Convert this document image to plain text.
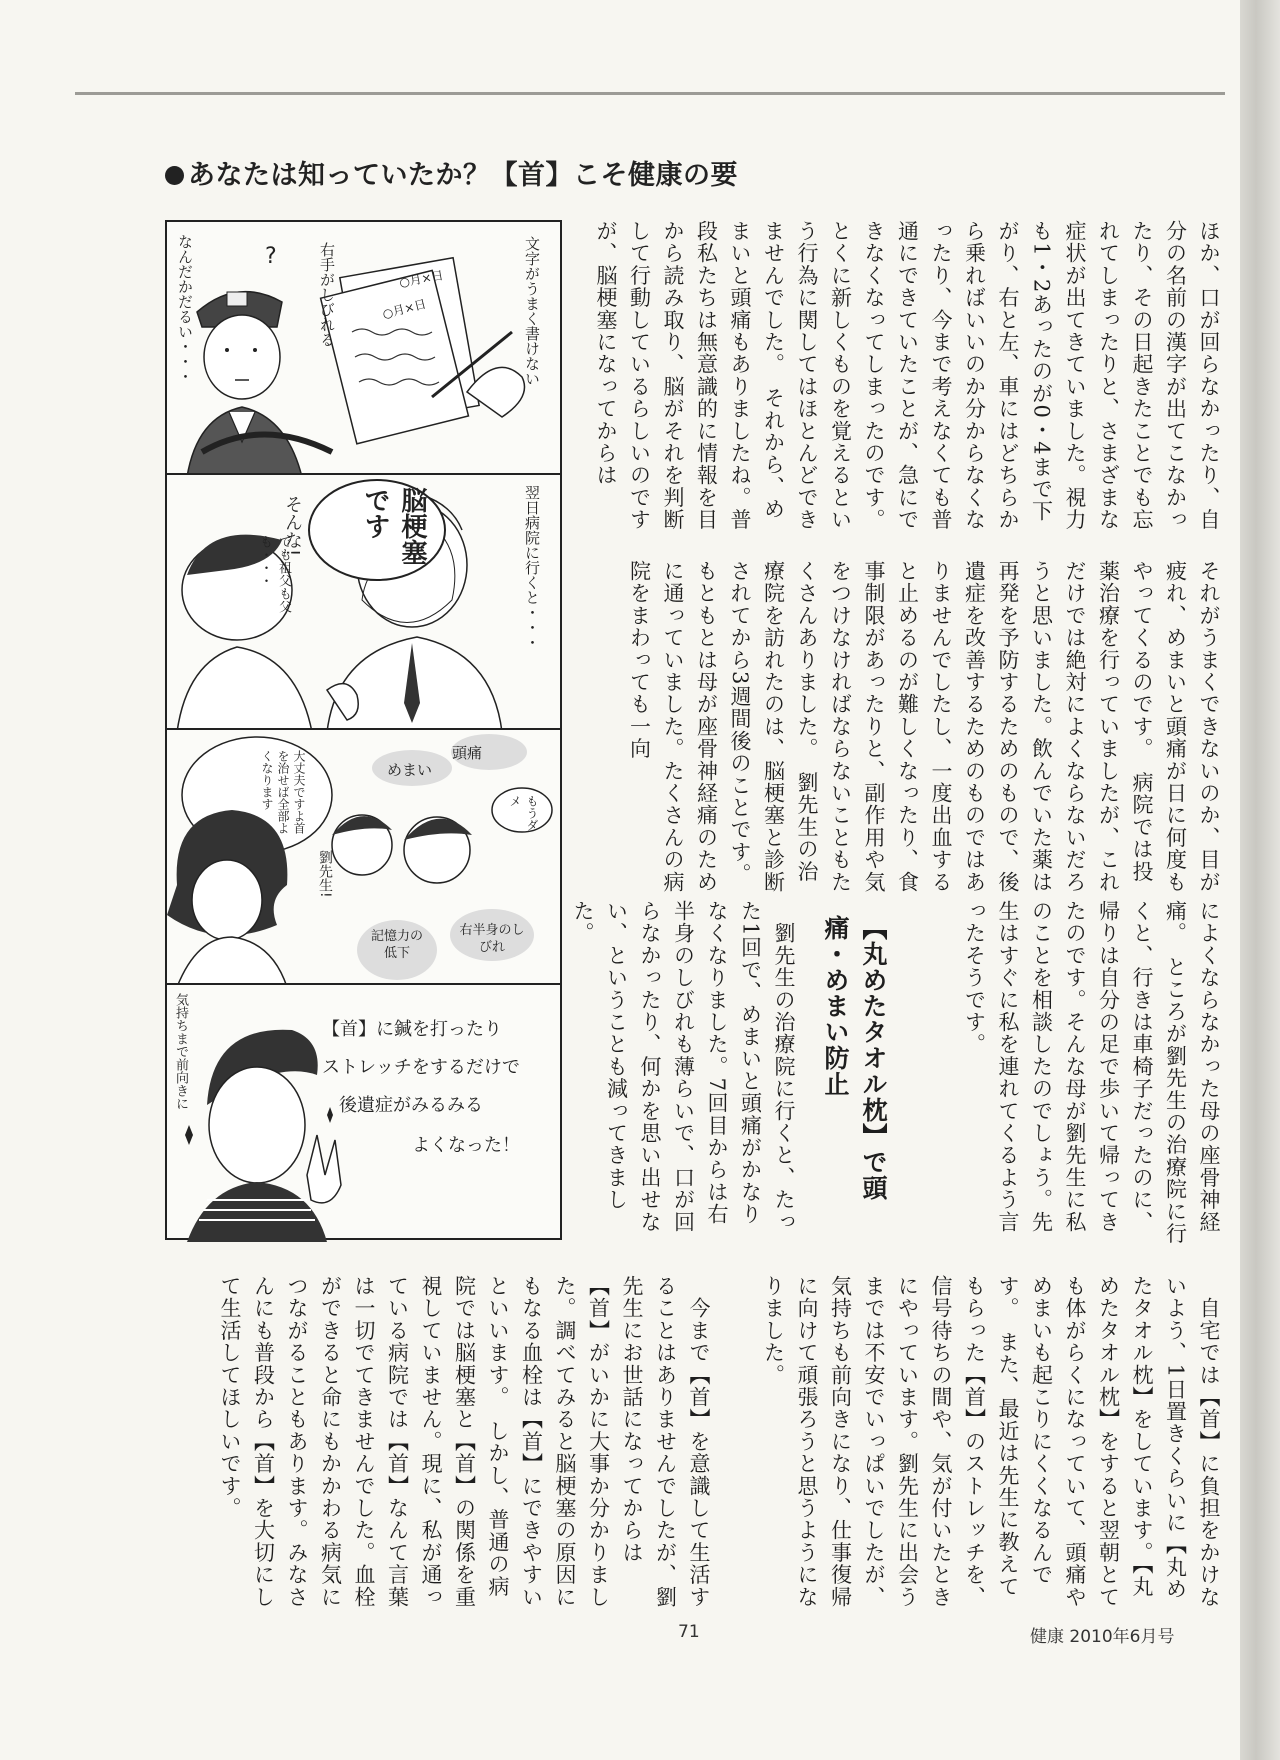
あなたは知っていたか？【首】こそ健康の要

ほか、口が回らなかったり、自分の名前の漢字が出てこなかったり、その日起きたことでも忘れてしまったりと、さまざまな症状が出てきていました。視力も1・2あったのが0・4まで下がり、右と左、車にはどちらから乗ればいいのか分からなくなったり、今まで考えなくても普通にできていたことが、急にできなくなってしまったのです。とくに新しくものを覚えるという行為に関してはほとんどできませんでした。　それから、めまいと頭痛もありましたね。普段私たちは無意識的に情報を目から読み取り、脳がそれを判断して行動しているらしいのですが、脳梗塞になってからは

それがうまくできないのか、目が疲れ、めまいと頭痛が日に何度もやってくるのです。　病院では投薬治療を行っていましたが、これだけでは絶対によくならないだろうと思いました。飲んでいた薬は再発を予防するためのもので、後遺症を改善するためのものではありませんでしたし、一度出血すると止めるのが難しくなったり、食事制限があったりと、副作用や気をつけなければならないこともたくさんありました。　劉先生の治療院を訪れたのは、脳梗塞と診断されてから3週間後のことです。もともとは母が座骨神経痛のために通っていました。たくさんの病院をまわっても一向

によくならなかった母の座骨神経痛。　ところが劉先生の治療院に行くと、行きは車椅子だったのに、帰りは自分の足で歩いて帰ってきたのです。そんな母が劉先生に私のことを相談したのでしょう。先生はすぐに私を連れてくるよう言ったそうです。

【丸めたタオル枕】で頭痛・めまい防止

　劉先生の治療院に行くと、たった1回で、めまいと頭痛がかなりなくなりました。7回目からは右半身のしびれも薄らいで、口が回らなかったり、何かを思い出せない、ということも減ってきました。

　自宅では【首】に負担をかけないよう、1日置きくらいに【丸めたタオル枕】をしています。【丸めたタオル枕】をすると翌朝とても体がらくになっていて、頭痛やめまいも起こりにくくなるんです。　また、最近は先生に教えてもらった【首】のストレッチを、信号待ちの間や、気が付いたときにやっています。劉先生に出会うまでは不安でいっぱいでしたが、気持ちも前向きになり、仕事復帰に向けて頑張ろうと思うようになりました。

　今まで【首】を意識して生活することはありませんでしたが、劉先生にお世話になってからは【首】がいかに大事か分かりました。調べてみると脳梗塞の原因にもなる血栓は【首】にできやすいといいます。　しかし、普通の病院では脳梗塞と【首】の関係を重視していません。現に、私が通っている病院では【首】なんて言葉は一切でてきませんでした。血栓ができると命にもかかわる病気につながることもあります。みなさんにも普段から【首】を大切にして生活してほしいです。

文字がうまく書けない
右手がしびれる
なんだかだるい・・・	?
○月×日
○月×日
翌日病院に行くと・・・
脳梗塞です
そんな!
でも祖父も父も・・・
頭痛
めまい
記憶力の低下
右半身のしびれ
大丈夫ですよ首を治せば全部よくなります
もうダメ
劉先生!
気持ちまで前向きに	【首】に鍼を打ったり
ストレッチをするだけで
後遺症がみるみる
よくなった！
71	健康 2010年6月号
